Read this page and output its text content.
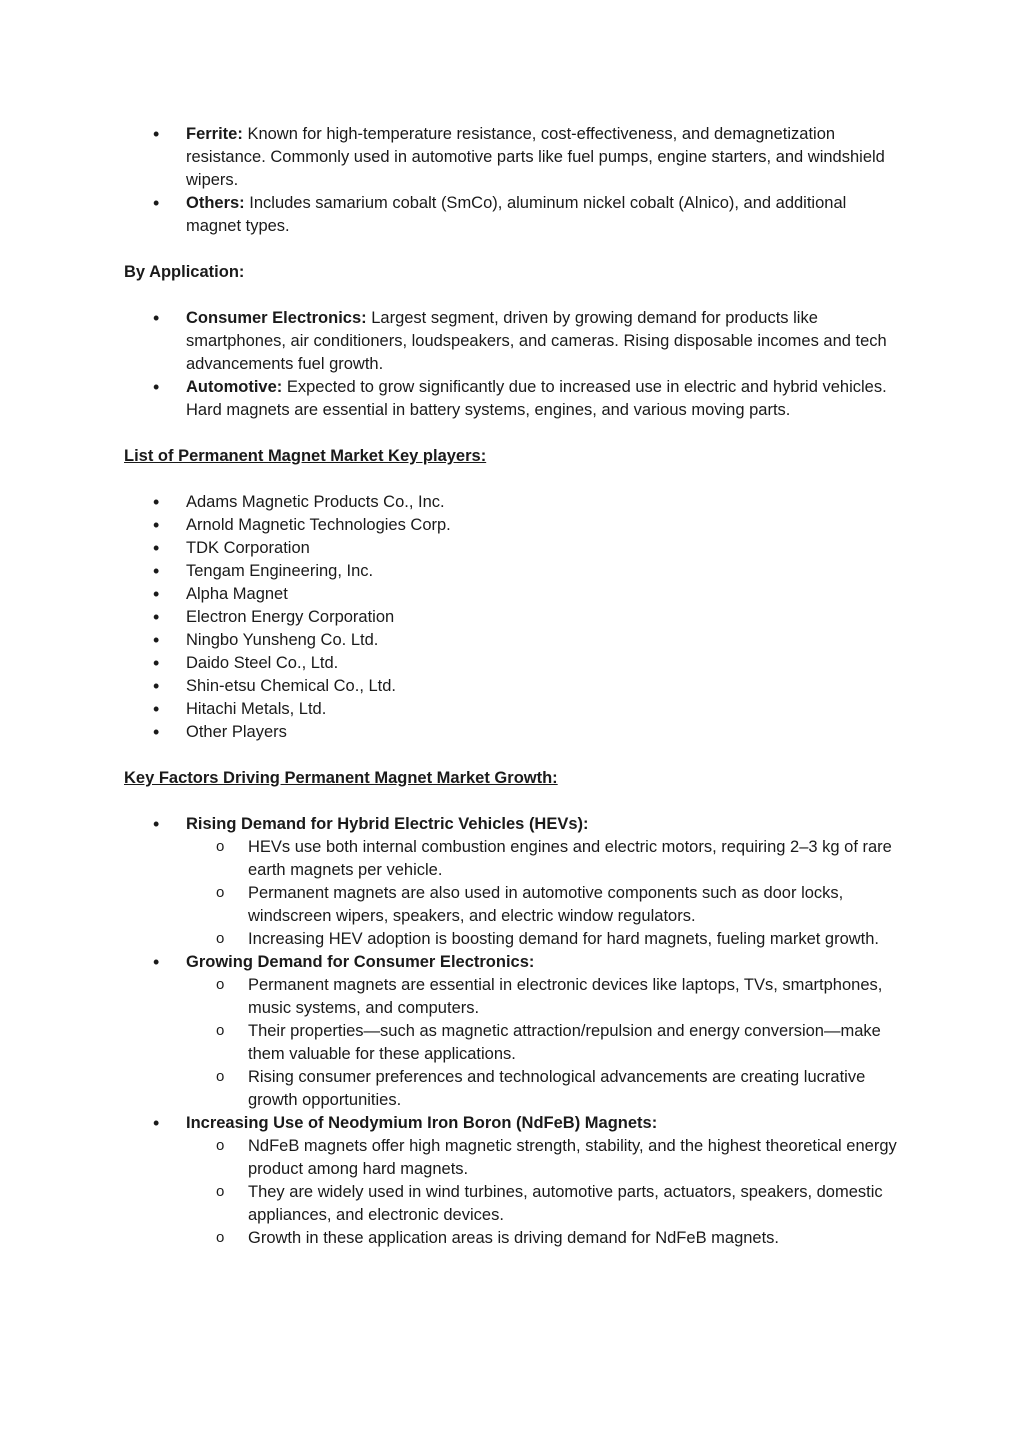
• Ferrite: Known for high-temperature resistance, cost-effectiveness, and demagnetization resistance. Commonly used in automotive parts like fuel pumps, engine starters, and windshield wipers.
• Others: Includes samarium cobalt (SmCo), aluminum nickel cobalt (Alnico), and additional magnet types.

By Application:

• Consumer Electronics: Largest segment, driven by growing demand for products like smartphones, air conditioners, loudspeakers, and cameras. Rising disposable incomes and tech advancements fuel growth.
• Automotive: Expected to grow significantly due to increased use in electric and hybrid vehicles. Hard magnets are essential in battery systems, engines, and various moving parts.

List of Permanent Magnet Market Key players:

• Adams Magnetic Products Co., Inc.
• Arnold Magnetic Technologies Corp.
• TDK Corporation
• Tengam Engineering, Inc.
• Alpha Magnet
• Electron Energy Corporation
• Ningbo Yunsheng Co. Ltd.
• Daido Steel Co., Ltd.
• Shin-etsu Chemical Co., Ltd.
• Hitachi Metals, Ltd.
• Other Players

Key Factors Driving Permanent Magnet Market Growth:

• Rising Demand for Hybrid Electric Vehicles (HEVs):
o HEVs use both internal combustion engines and electric motors, requiring 2–3 kg of rare earth magnets per vehicle.
o Permanent magnets are also used in automotive components such as door locks, windscreen wipers, speakers, and electric window regulators.
o Increasing HEV adoption is boosting demand for hard magnets, fueling market growth.
• Growing Demand for Consumer Electronics:
o Permanent magnets are essential in electronic devices like laptops, TVs, smartphones, music systems, and computers.
o Their properties—such as magnetic attraction/repulsion and energy conversion—make them valuable for these applications.
o Rising consumer preferences and technological advancements are creating lucrative growth opportunities.
• Increasing Use of Neodymium Iron Boron (NdFeB) Magnets:
o NdFeB magnets offer high magnetic strength, stability, and the highest theoretical energy product among hard magnets.
o They are widely used in wind turbines, automotive parts, actuators, speakers, domestic appliances, and electronic devices.
o Growth in these application areas is driving demand for NdFeB magnets.
